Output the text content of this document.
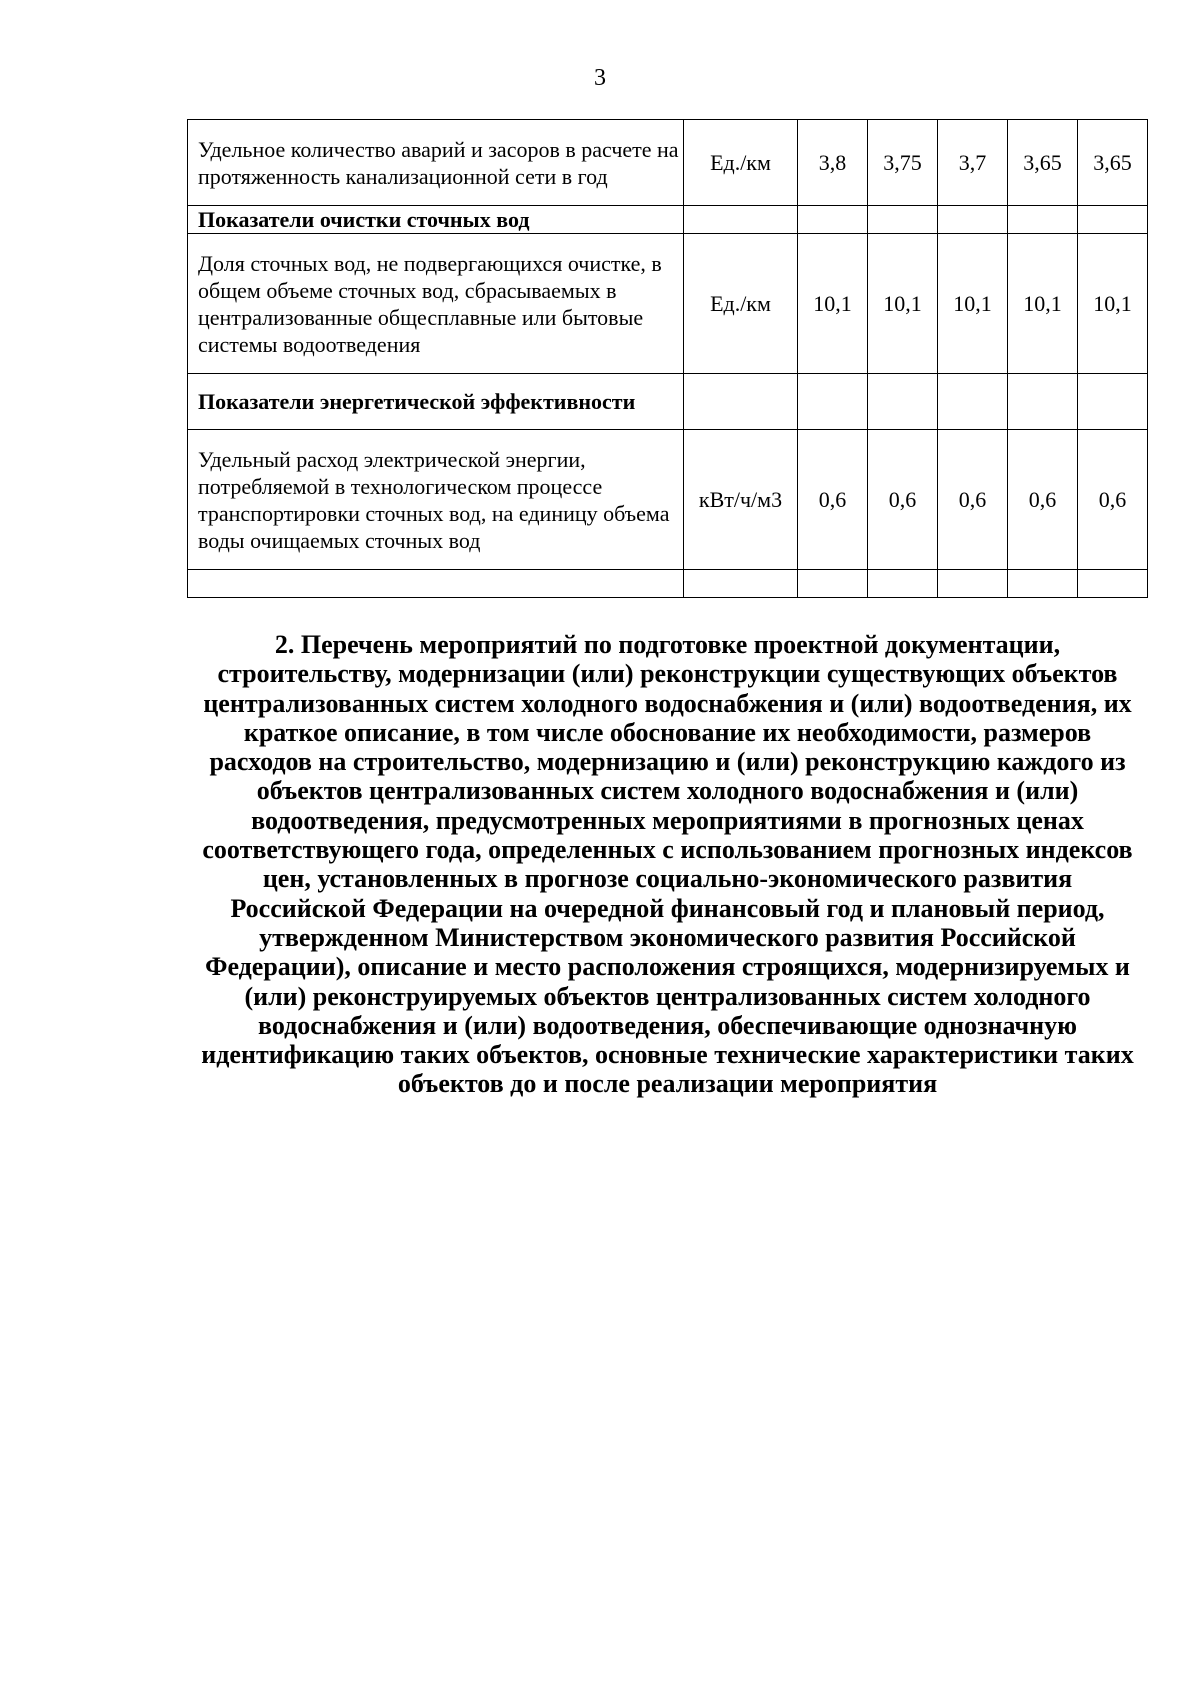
3
Удельное количество аварий и засоров в расчете на протяженность канализационной сети в год	Ед./км	3,8	3,75	3,7	3,65	3,65
Показатели очистки сточных вод						
Доля сточных вод, не подвергающихся очистке, в общем объеме сточных вод, сбрасываемых в централизованные общесплавные или бытовые системы водоотведения	Ед./км	10,1	10,1	10,1	10,1	10,1
Показатели энергетической эффективности						
Удельный расход электрической энергии, потребляемой в технологическом процессе транспортировки сточных вод, на единицу объема воды очищаемых сточных вод	кВт/ч/м3	0,6	0,6	0,6	0,6	0,6

2. Перечень мероприятий по подготовке проектной документации, строительству, модернизации (или) реконструкции существующих объектов централизованных систем холодного водоснабжения и (или) водоотведения, их краткое описание, в том числе обоснование их необходимости, размеров расходов на строительство, модернизацию и (или) реконструкцию каждого из объектов централизованных систем холодного водоснабжения и (или) водоотведения, предусмотренных мероприятиями в прогнозных ценах соответствующего года, определенных с использованием прогнозных индексов цен, установленных в прогнозе социально-экономического развития Российской Федерации на очередной финансовый год и плановый период, утвержденном Министерством экономического развития Российской Федерации), описание и место расположения строящихся, модернизируемых и (или) реконструируемых объектов централизованных систем холодного водоснабжения и (или) водоотведения, обеспечивающие однозначную идентификацию таких объектов, основные технические характеристики таких объектов до и после реализации мероприятия
